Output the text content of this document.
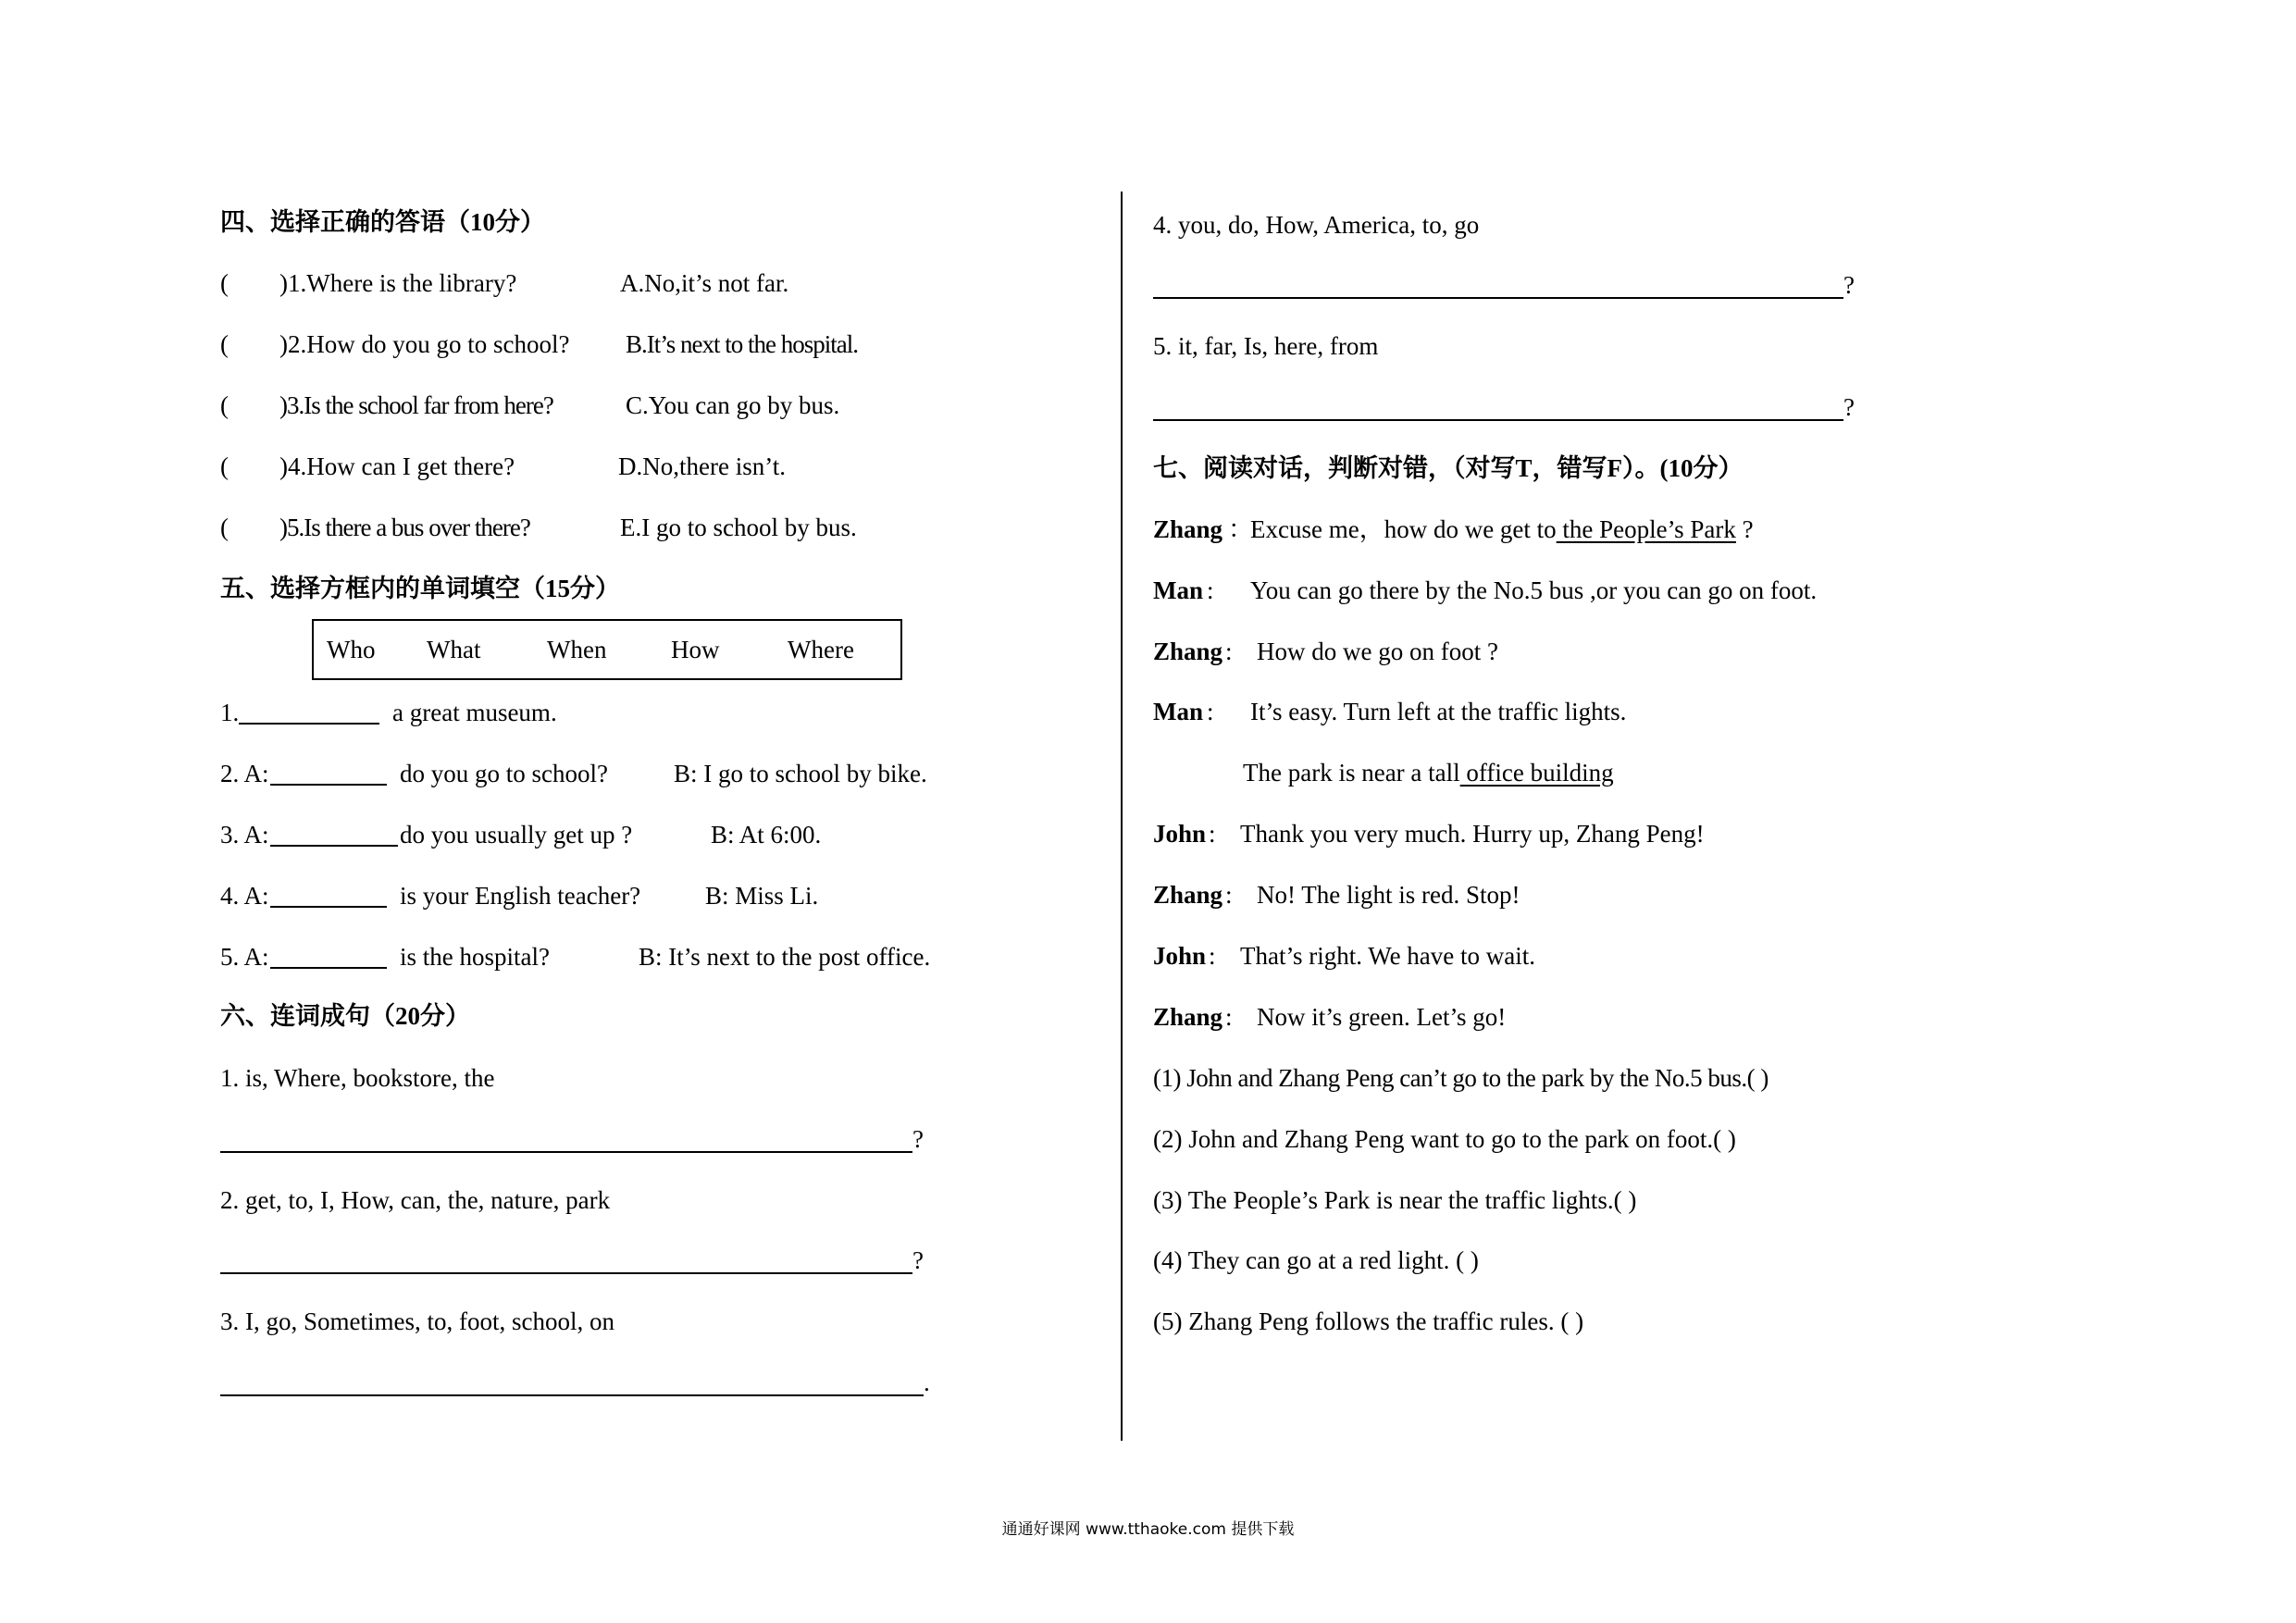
四、选择正确的答语（10分）
( )1.Where is the library?	A.No,it’s not far.
( )2.How do you go to school? B.It’s next to the hospital.
( )3.Is the school far from here?	C.You can go by bus.
( )4.How can I get there?	D.No,there isn’t.
( )5.Is there a bus over there?	E.I go to school by bus.
五、选择方框内的单词填空（15分）
Who What	When	How	Where
1.	a great museum.
2. A:	do you go to school?	B: I go to school by bike.
3. A:	do you usually get up ?	B: At 6:00.
4. A:	is your English teacher?	B: Miss Li.
5. A:	is the hospital?	B: It’s next to the post office.
六、连词成句（20分）
1. is, Where, bookstore, the
?
2. get, to, I, How, can, the, nature, park
?
3. I, go, Sometimes, to, foot, school, on
.
4. you, do, How, America, to, go
?
5. it, far, Is, here, from
?
七、阅读对话，判断对错，（对写T，错写F）。(10分）
Zhang ：
Excuse me，how do we get to the People’s Park ?
Man : You can go there by the No.5 bus ,or you can go on foot.
Zhang : How do we go on foot ?
Man : It’s easy. Turn left at the traffic lights.
The park is near a tall office building
John : Thank you very much. Hurry up, Zhang Peng!
Zhang : No! The light is red. Stop!
John : That’s right. We have to wait.
Zhang : Now it’s green. Let’s go!
(1) John and Zhang Peng can’t go to the park by the No.5 bus.( )
(2) John and Zhang Peng want to go to the park on foot.( )
(3) The People’s Park is near the traffic lights.( )
(4) They can go at a red light. ( )
(5) Zhang Peng follows the traffic rules. ( )
通通好课网 www.tthaoke.com 提供下载
